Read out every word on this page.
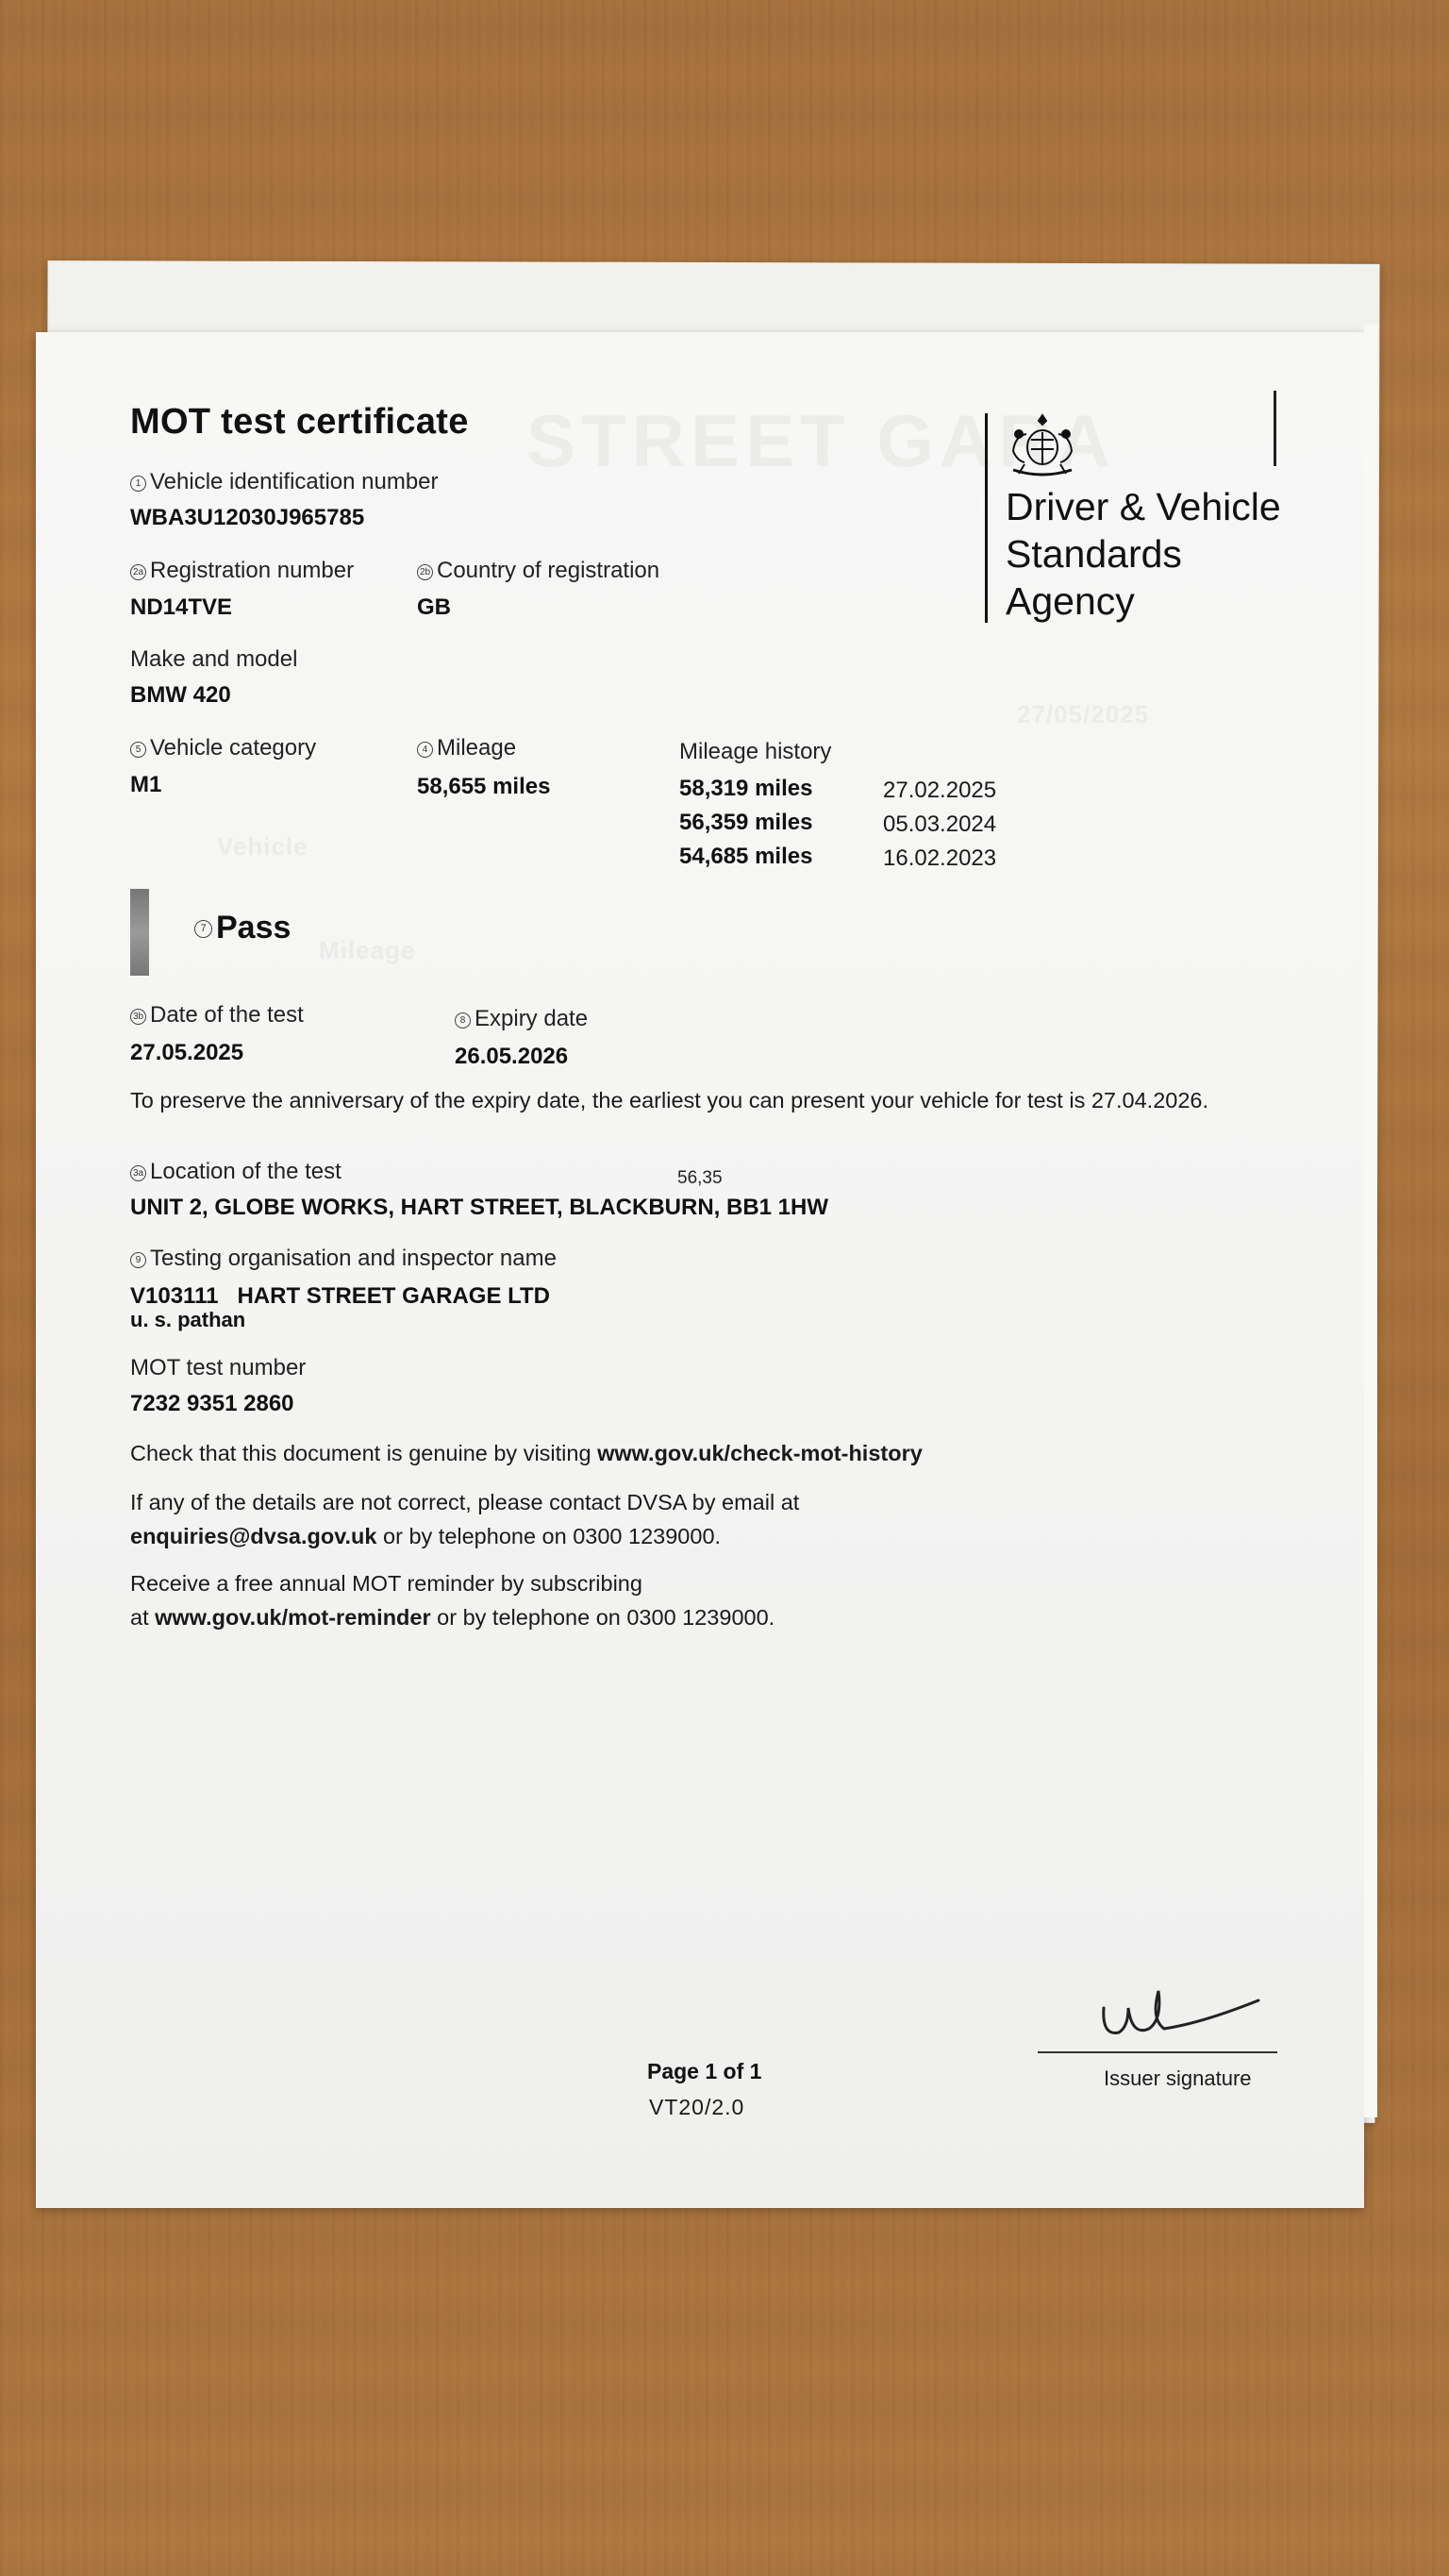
MOT test certificate
Driver & Vehicle
Standards
Agency
1 Vehicle identification number
WBA3U12030J965785
2a Registration number
ND14TVE
2b Country of registration
GB
Make and model
BMW 420
5 Vehicle category
M1
4 Mileage
58,655 miles
Mileage history
58,319 miles	27.02.2025
56,359 miles	05.03.2024
54,685 miles	16.02.2023
7 Pass
3b Date of the test
27.05.2025
8 Expiry date
26.05.2026
To preserve the anniversary of the expiry date, the earliest you can present your vehicle for test is 27.04.2026.
3a Location of the test	56,35
UNIT 2, GLOBE WORKS, HART STREET, BLACKBURN, BB1 1HW
9 Testing organisation and inspector name
V103111   HART STREET GARAGE LTD
u. s. pathan
MOT test number
7232 9351 2860
Check that this document is genuine by visiting www.gov.uk/check-mot-history
If any of the details are not correct, please contact DVSA by email at
enquiries@dvsa.gov.uk or by telephone on 0300 1239000.
Receive a free annual MOT reminder by subscribing
at www.gov.uk/mot-reminder or by telephone on 0300 1239000.
Page 1 of 1
VT20/2.0
Issuer signature
